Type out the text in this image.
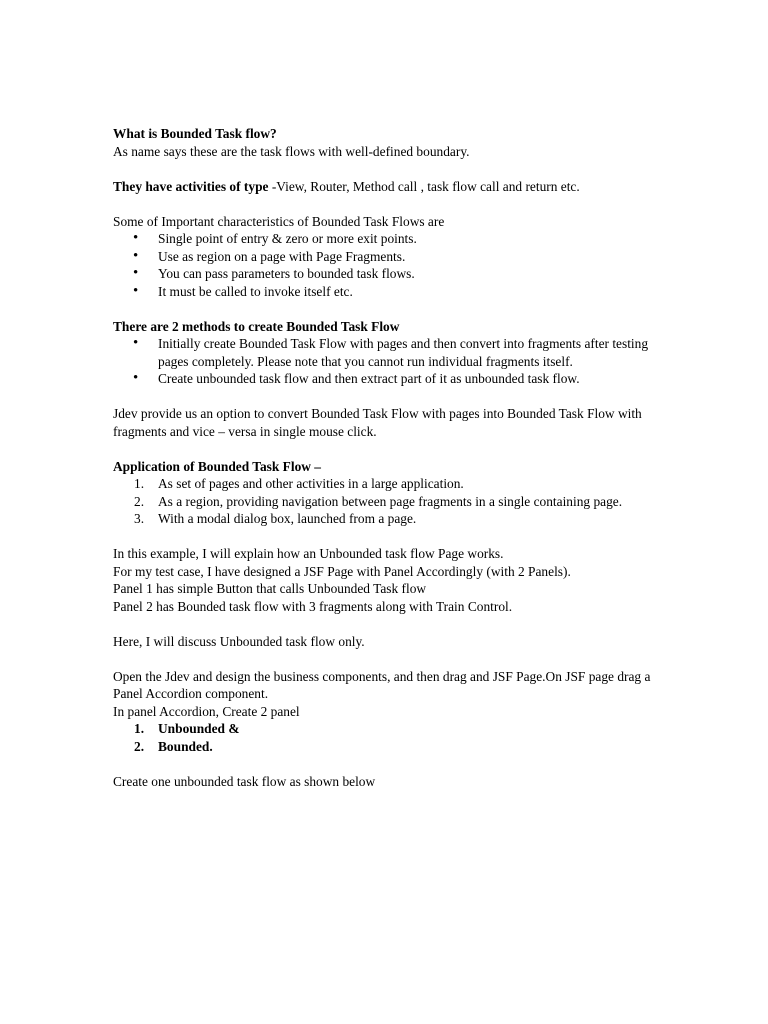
What is Bounded Task flow?

As name says these are the task flows with well-defined boundary.

They have activities of type -View, Router, Method call , task flow call and return etc.

Some of Important characteristics of Bounded Task Flows are

• Single point of entry & zero or more exit points.
• Use as region on a page with Page Fragments.
• You can pass parameters to bounded task flows.
• It must be called to invoke itself etc.

There are 2 methods to create Bounded Task Flow

• Initially create Bounded Task Flow with pages and then convert into fragments after testing pages completely. Please note that you cannot run individual fragments itself.
• Create unbounded task flow and then extract part of it as unbounded task flow.

Jdev provide us an option to convert Bounded Task Flow with pages into Bounded Task Flow with fragments and vice – versa in single mouse click.

Application of Bounded Task Flow –

1. As set of pages and other activities in a large application.
2. As a region, providing navigation between page fragments in a single containing page.
3. With a modal dialog box, launched from a page.

In this example, I will explain how an Unbounded task flow Page works.

For my test case, I have designed a JSF Page with Panel Accordingly (with 2 Panels).

Panel 1 has simple Button that calls Unbounded Task flow

Panel 2 has Bounded task flow with 3 fragments along with Train Control.

Here, I will discuss Unbounded task flow only.

Open the Jdev and design the business components, and then drag and JSF Page.On JSF page drag a Panel Accordion component.

In panel Accordion, Create 2 panel

1. Unbounded &
2. Bounded.

Create one unbounded task flow as shown below
